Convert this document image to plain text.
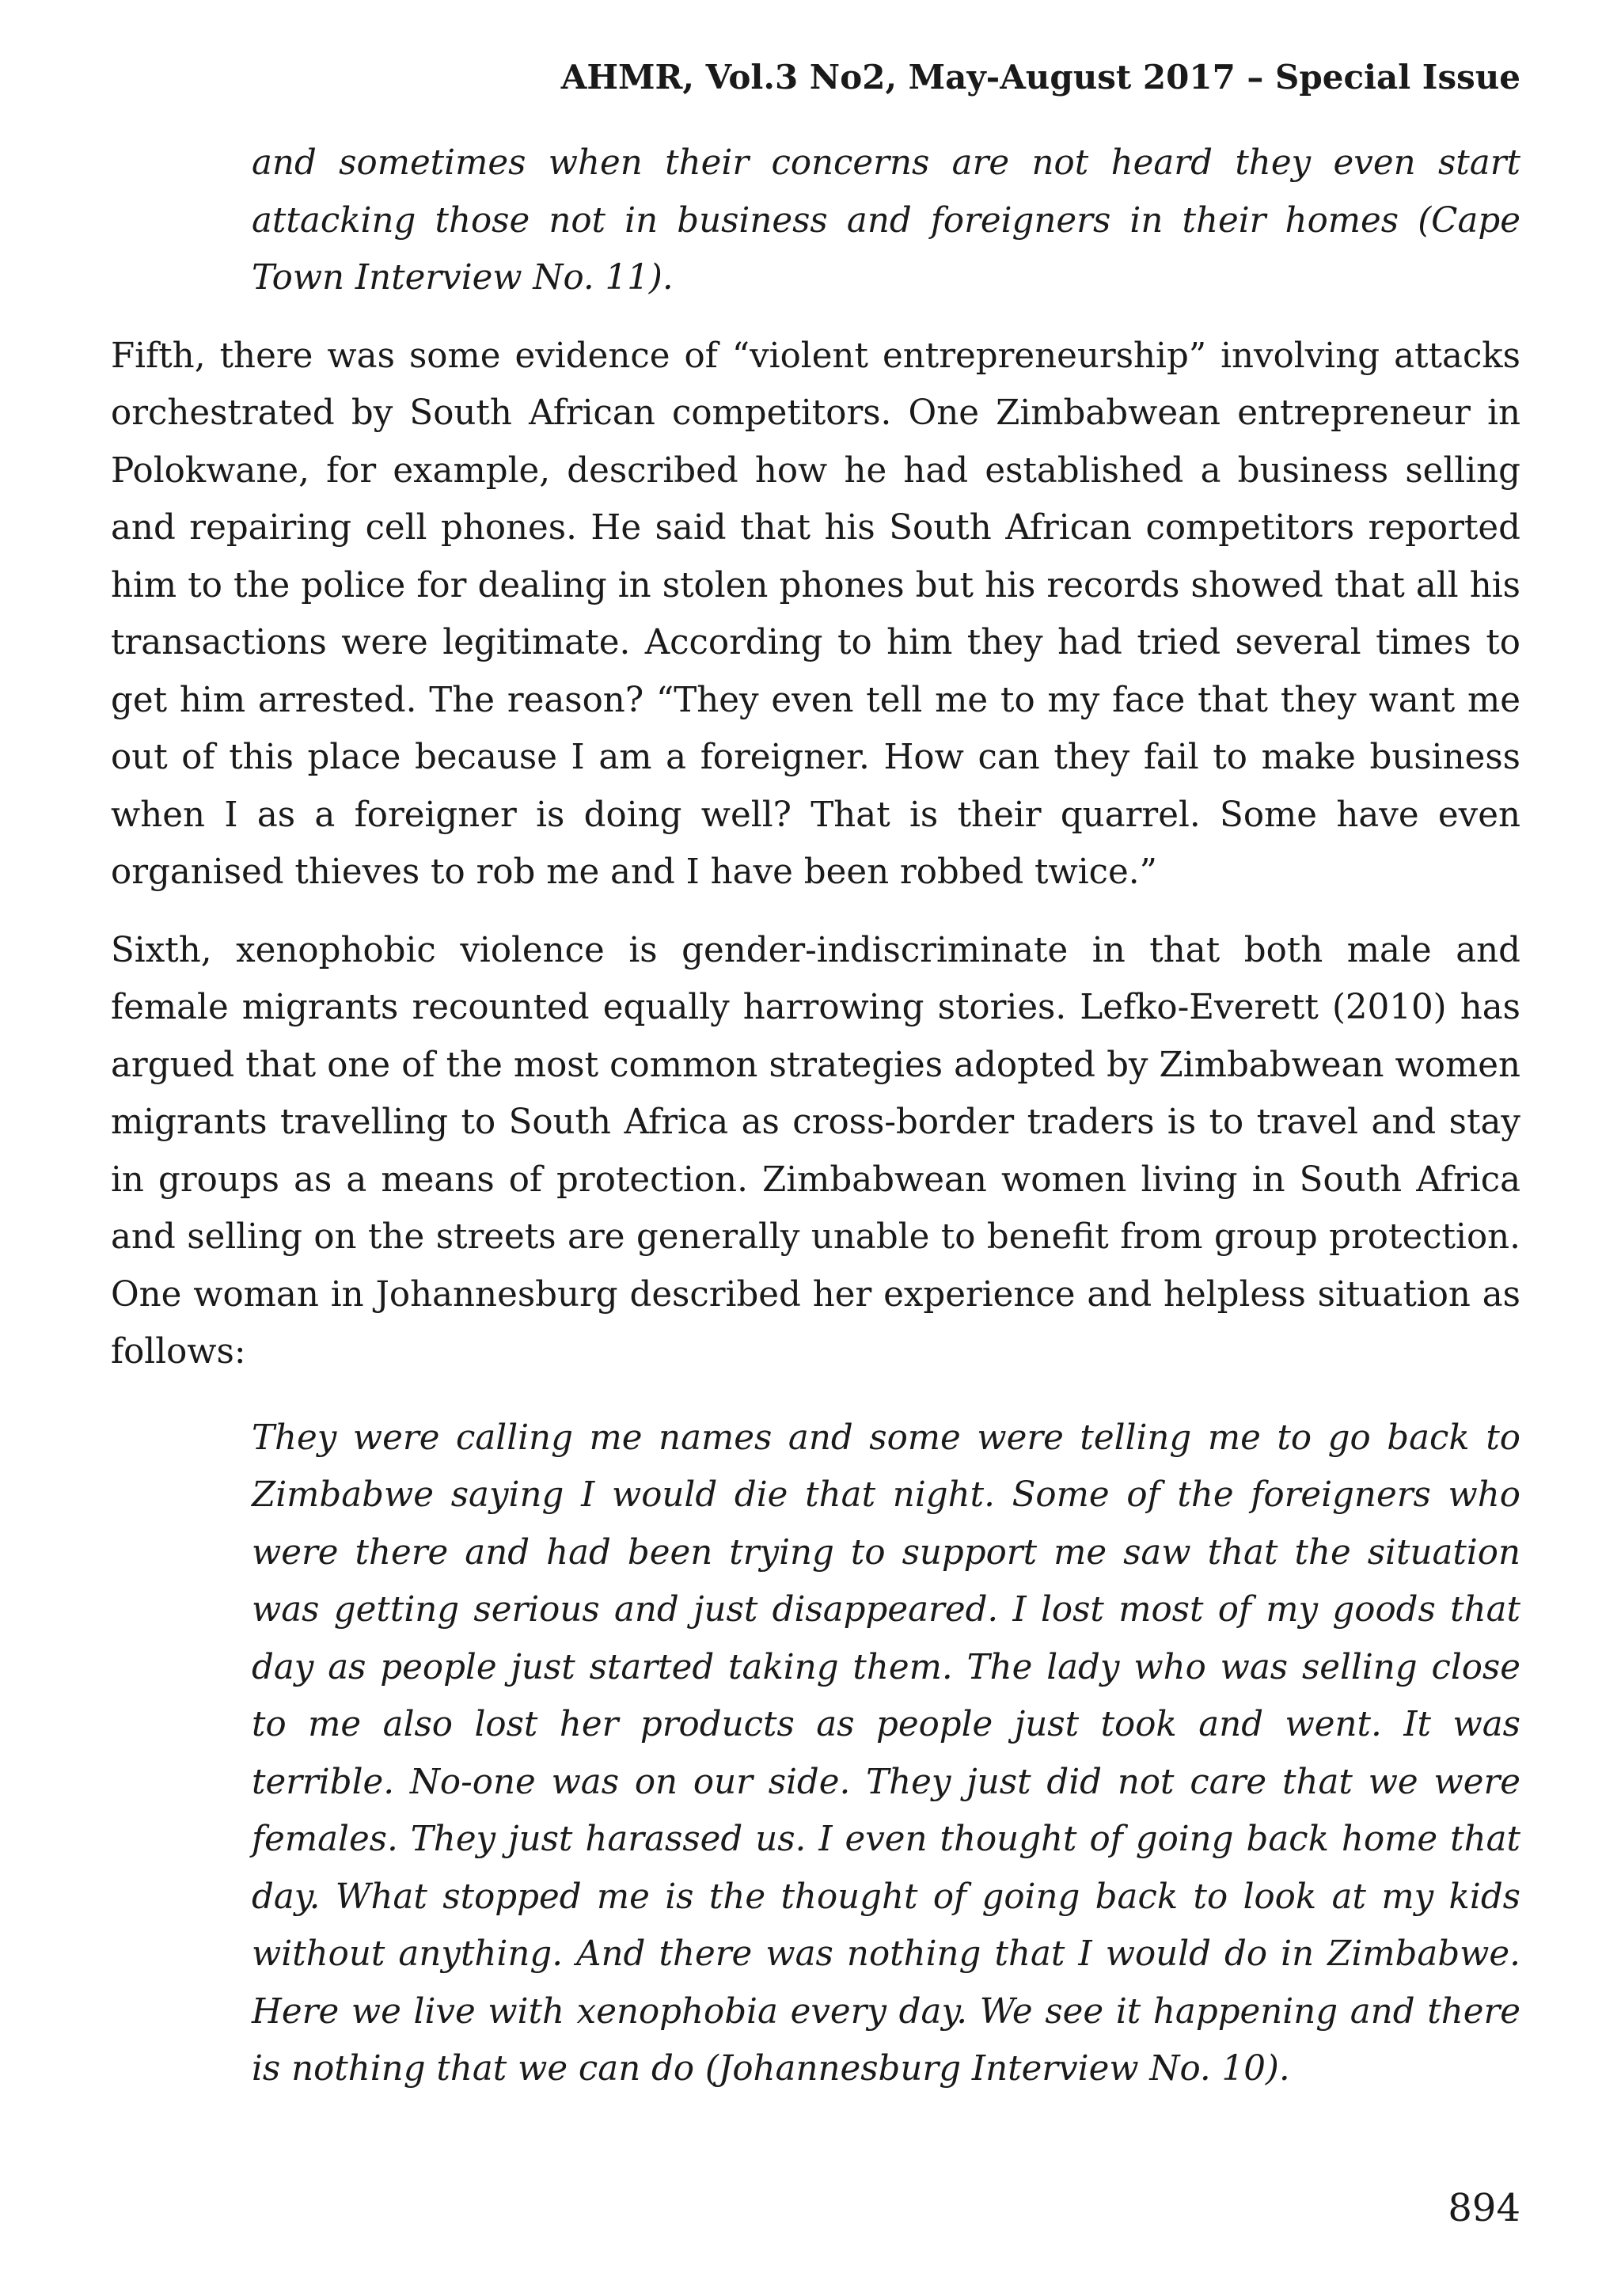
AHMR, Vol.3 No2, May-August 2017 – Special Issue

and sometimes when their concerns are not heard they even start attacking those not in business and foreigners in their homes (Cape Town Interview No. 11).

Fifth, there was some evidence of “violent entrepreneurship” involving attacks orchestrated by South African competitors. One Zimbabwean entrepreneur in Polokwane, for example, described how he had established a business selling and repairing cell phones. He said that his South African competitors reported him to the police for dealing in stolen phones but his records showed that all his transactions were legitimate. According to him they had tried several times to get him arrested. The reason? “They even tell me to my face that they want me out of this place because I am a foreigner. How can they fail to make business when I as a foreigner is doing well? That is their quarrel. Some have even organised thieves to rob me and I have been robbed twice.”

Sixth, xenophobic violence is gender-indiscriminate in that both male and female migrants recounted equally harrowing stories. Lefko-Everett (2010) has argued that one of the most common strategies adopted by Zimbabwean women migrants travelling to South Africa as cross-border traders is to travel and stay in groups as a means of protection. Zimbabwean women living in South Africa and selling on the streets are generally unable to benefit from group protection. One woman in Johannesburg described her experience and helpless situation as follows:

They were calling me names and some were telling me to go back to Zimbabwe saying I would die that night. Some of the foreigners who were there and had been trying to support me saw that the situation was getting serious and just disappeared. I lost most of my goods that day as people just started taking them. The lady who was selling close to me also lost her products as people just took and went. It was terrible. No-one was on our side. They just did not care that we were females. They just harassed us. I even thought of going back home that day. What stopped me is the thought of going back to look at my kids without anything. And there was nothing that I would do in Zimbabwe. Here we live with xenophobia every day. We see it happening and there is nothing that we can do (Johannesburg Interview No. 10).

894
